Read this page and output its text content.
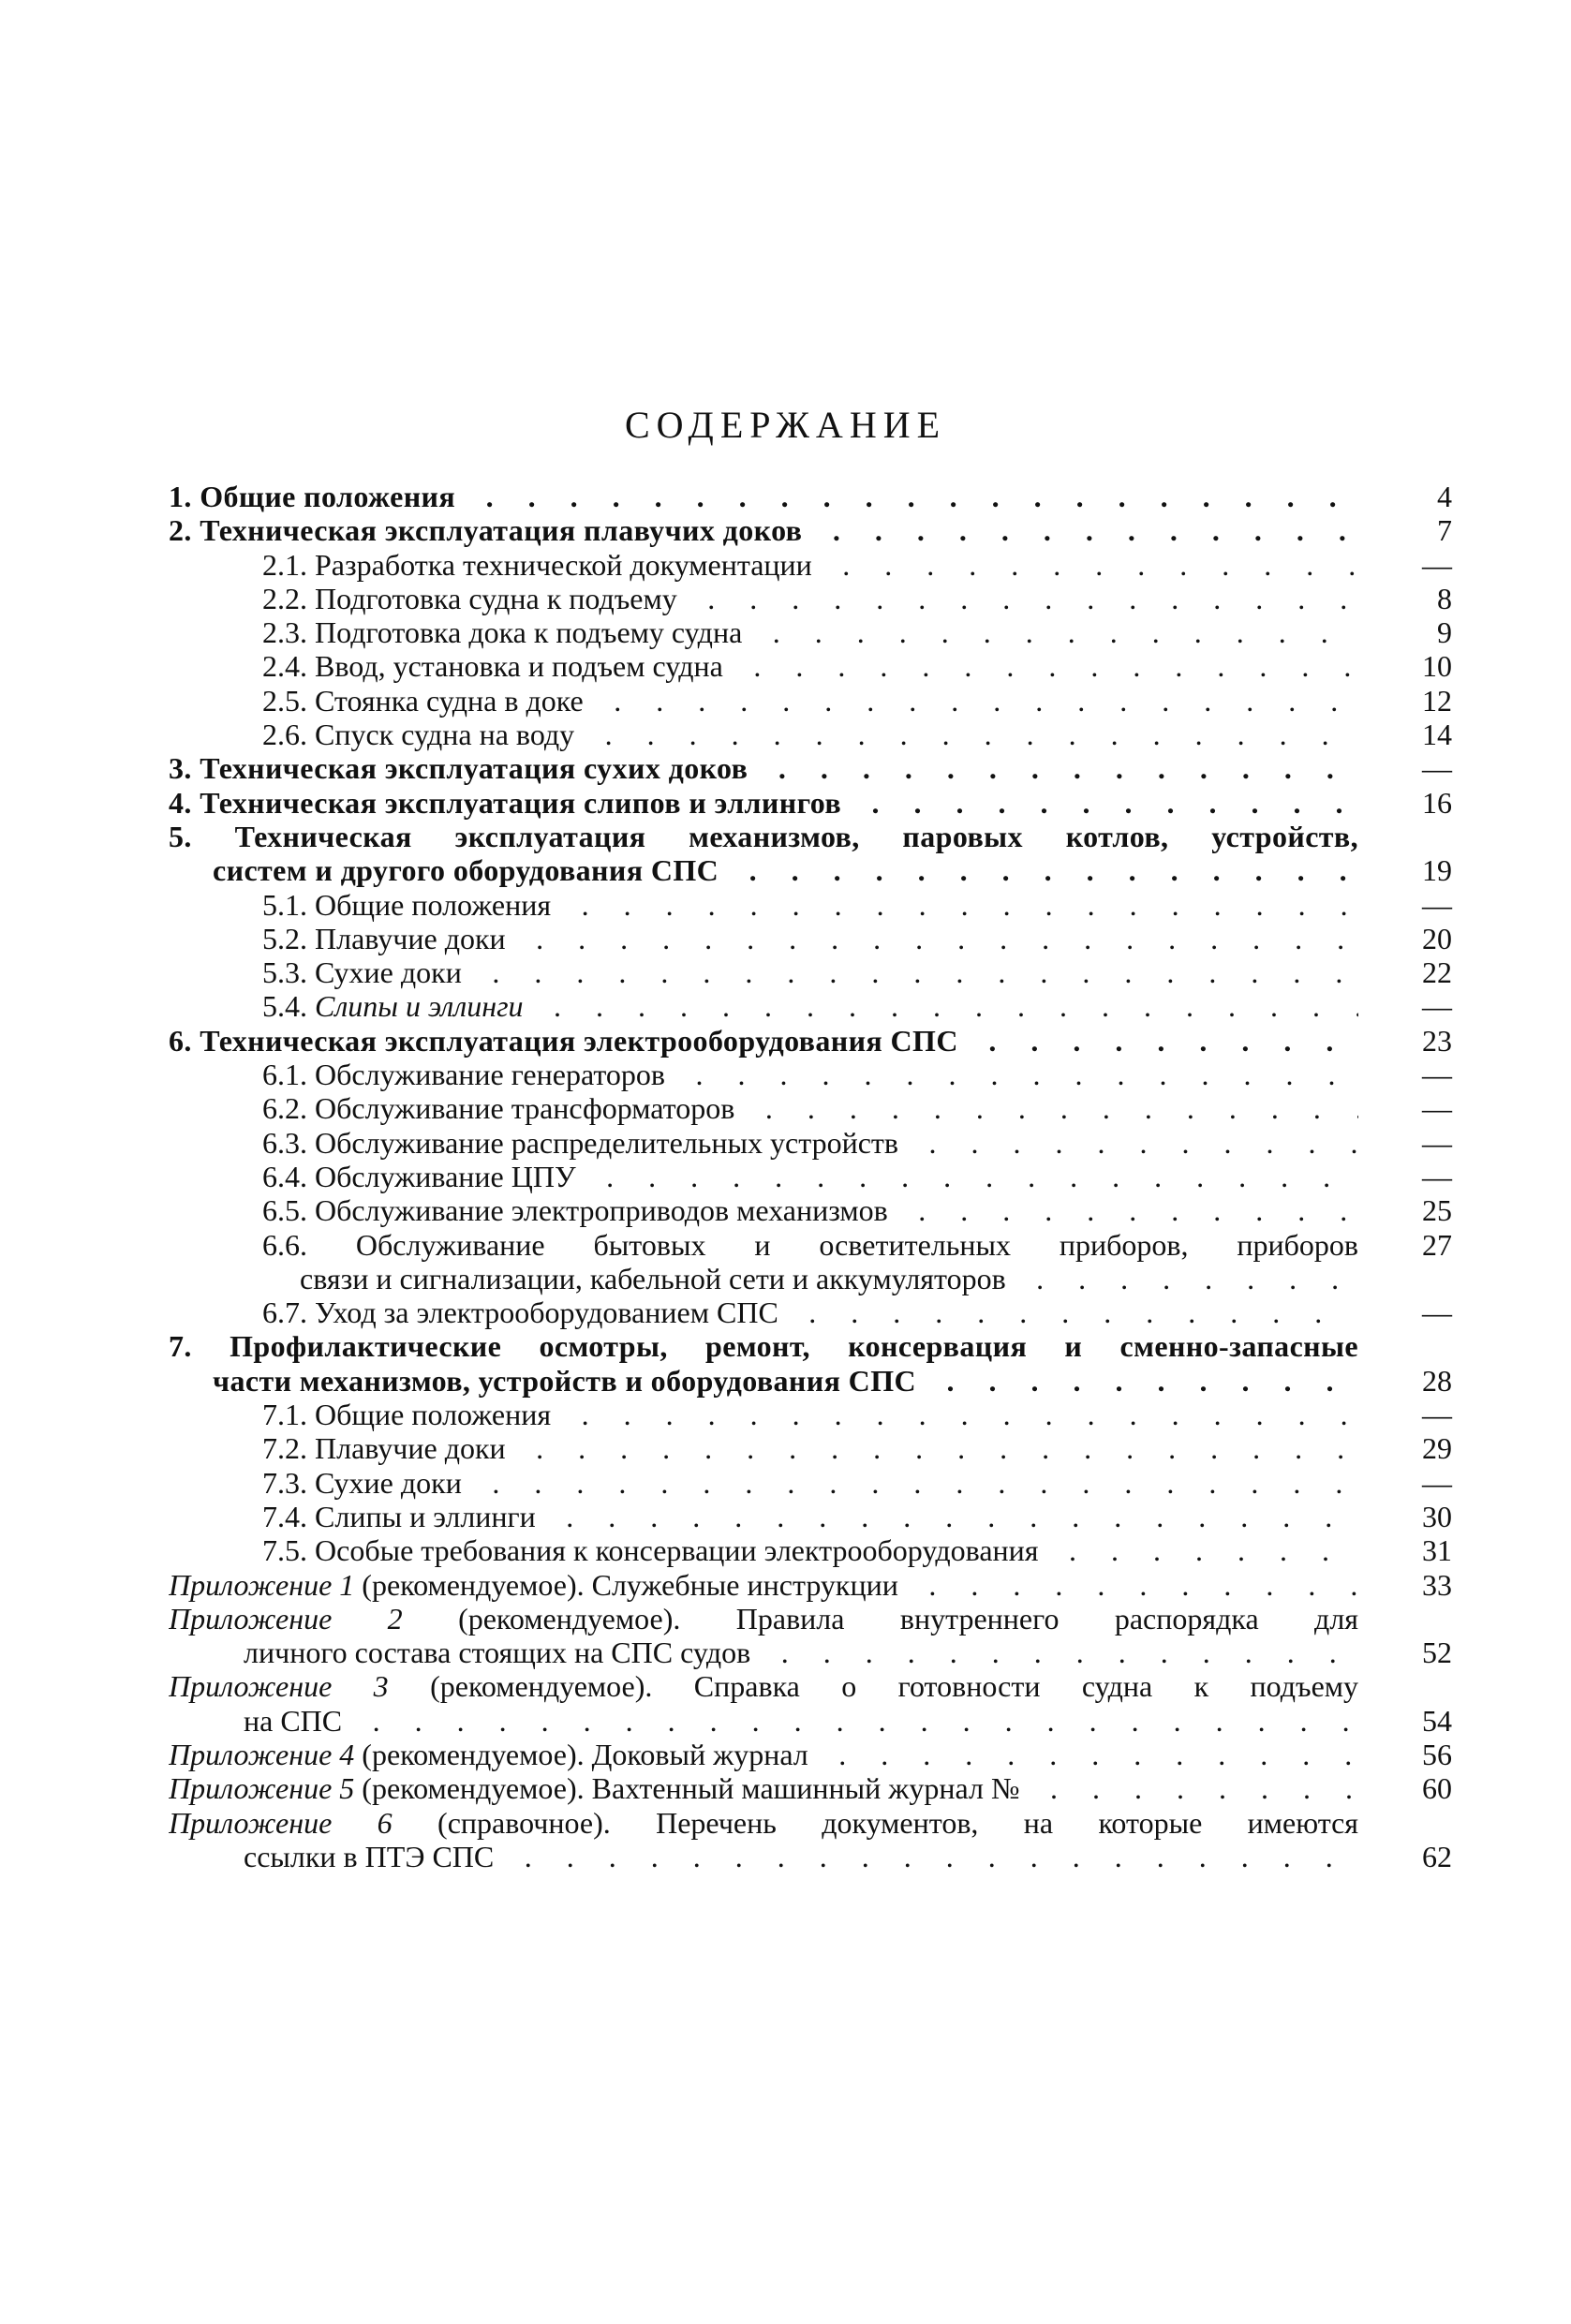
СОДЕРЖАНИЕ
1. Общие положения . . .	4
2. Техническая эксплуатация плавучих доков . . .	7
2.1. Разработка технической документации . . .	—
2.2. Подготовка судна к подъему . . .	8
2.3. Подготовка дока к подъему судна . . .	9
2.4. Ввод, установка и подъем судна . . .	10
2.5. Стоянка судна в доке . . .	12
2.6. Спуск судна на воду . . .	14
3. Техническая эксплуатация сухих доков . . .	—
4. Техническая эксплуатация слипов и эллингов . . .	16
5. Техническая эксплуатация механизмов, паровых котлов, устройств,
систем и другого оборудования СПС . . .	19
5.1. Общие положения . . .	—
5.2. Плавучие доки . . .	20
5.3. Сухие доки . . .	22
5.4. Слипы и эллинги . . .	—
6. Техническая эксплуатация электрооборудования СПС . . .	23
6.1. Обслуживание генераторов . . .	—
6.2. Обслуживание трансформаторов . . .	—
6.3. Обслуживание распределительных устройств . . .	—
6.4. Обслуживание ЦПУ . . .	—
6.5. Обслуживание электроприводов механизмов . . .	25
6.6. Обслуживание бытовых и осветительных приборов, приборов	27
связи и сигнализации, кабельной сети и аккумуляторов . . .
6.7. Уход за электрооборудованием СПС . . .	—
7. Профилактические осмотры, ремонт, консервация и сменно-запасные
части механизмов, устройств и оборудования СПС . . .	28
7.1. Общие положения . . .	—
7.2. Плавучие доки . . .	29
7.3. Сухие доки . . .	—
7.4. Слипы и эллинги . . .	30
7.5. Особые требования к консервации электрооборудования . . .	31
Приложение 1 (рекомендуемое). Служебные инструкции . . .	33
Приложение 2 (рекомендуемое). Правила внутреннего распорядка для
личного состава стоящих на СПС судов . . .	52
Приложение 3 (рекомендуемое). Справка о готовности судна к подъему
на СПС . . .	54
Приложение 4 (рекомендуемое). Доковый журнал . . .	56
Приложение 5 (рекомендуемое). Вахтенный машинный журнал № . . .	60
Приложение 6 (справочное). Перечень документов, на которые имеются
ссылки в ПТЭ СПС . . .	62
